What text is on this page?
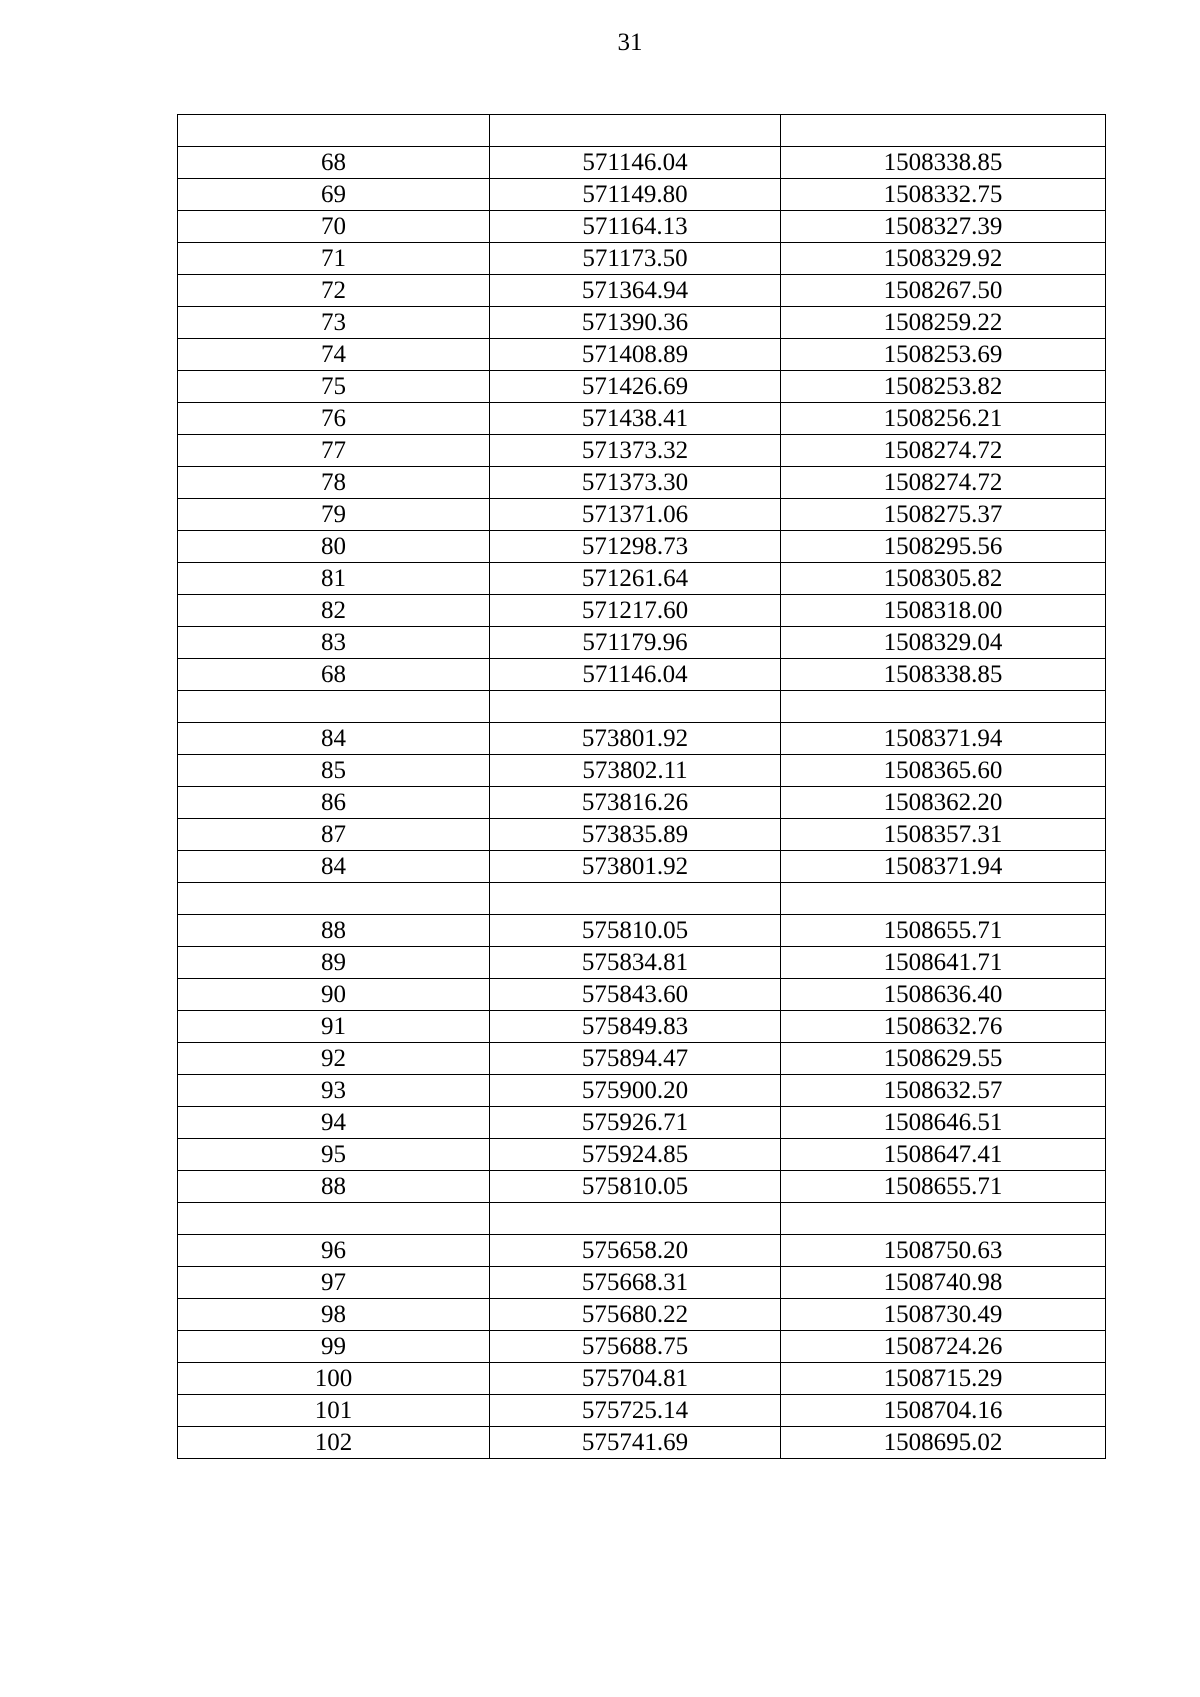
31

68	571146.04	1508338.85
69	571149.80	1508332.75
70	571164.13	1508327.39
71	571173.50	1508329.92
72	571364.94	1508267.50
73	571390.36	1508259.22
74	571408.89	1508253.69
75	571426.69	1508253.82
76	571438.41	1508256.21
77	571373.32	1508274.72
78	571373.30	1508274.72
79	571371.06	1508275.37
80	571298.73	1508295.56
81	571261.64	1508305.82
82	571217.60	1508318.00
83	571179.96	1508329.04
68	571146.04	1508338.85

84	573801.92	1508371.94
85	573802.11	1508365.60
86	573816.26	1508362.20
87	573835.89	1508357.31
84	573801.92	1508371.94

88	575810.05	1508655.71
89	575834.81	1508641.71
90	575843.60	1508636.40
91	575849.83	1508632.76
92	575894.47	1508629.55
93	575900.20	1508632.57
94	575926.71	1508646.51
95	575924.85	1508647.41
88	575810.05	1508655.71

96	575658.20	1508750.63
97	575668.31	1508740.98
98	575680.22	1508730.49
99	575688.75	1508724.26
100	575704.81	1508715.29
101	575725.14	1508704.16
102	575741.69	1508695.02
